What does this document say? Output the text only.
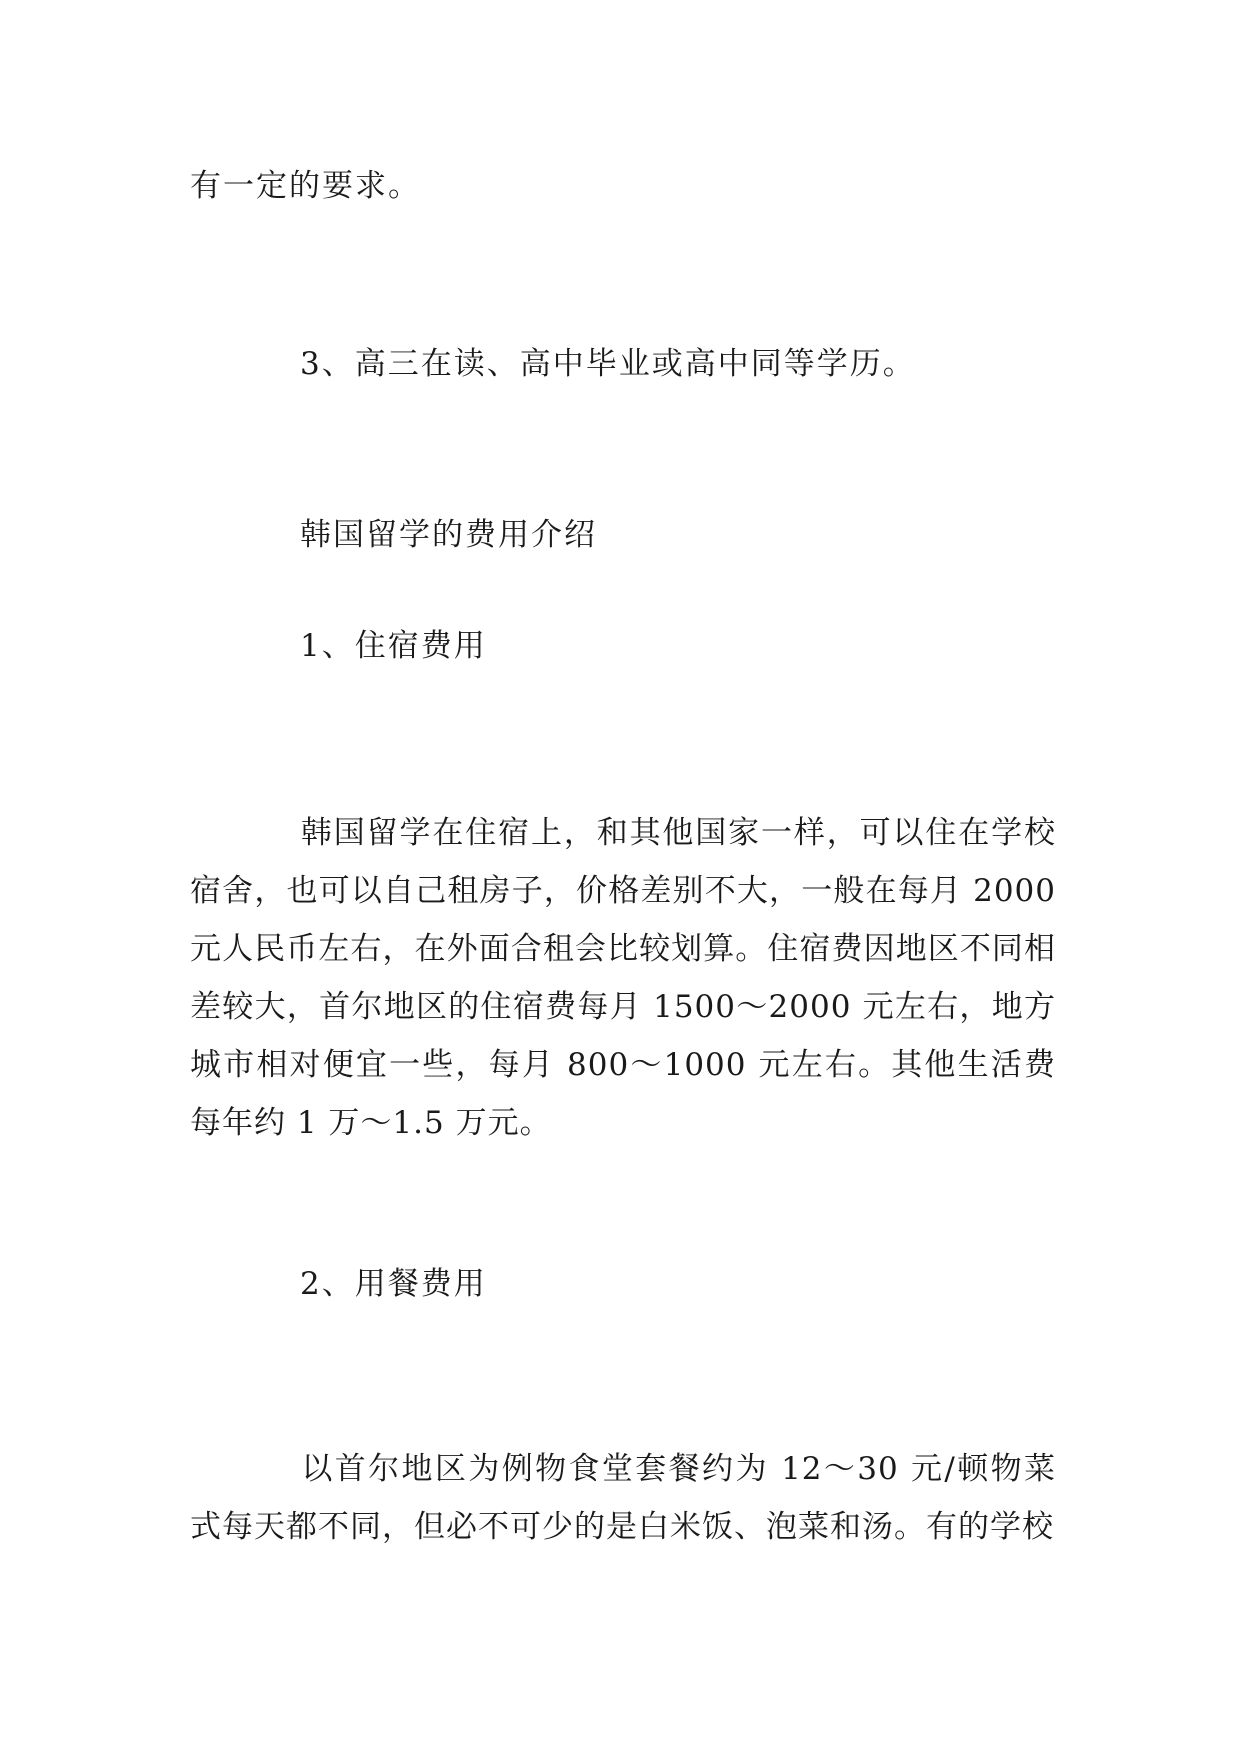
有一定的要求。
3、高三在读、高中毕业或高中同等学历。
韩国留学的费用介绍
1、住宿费用
韩国留学在住宿上，和其他国家一样，可以住在学校宿舍，也可以自己租房子，价格差别不大，一般在每月 2000 元人民币左右，在外面合租会比较划算。住宿费因地区不同相差较大，首尔地区的住宿费每月 1500～2000 元左右，地方城市相对便宜一些，每月 800～1000 元左右。其他生活费每年约 1 万～1.5 万元。
2、用餐费用
以首尔地区为例物食堂套餐约为 12～30 元/顿物菜式每天都不同，但必不可少的是白米饭、泡菜和汤。有的学校
